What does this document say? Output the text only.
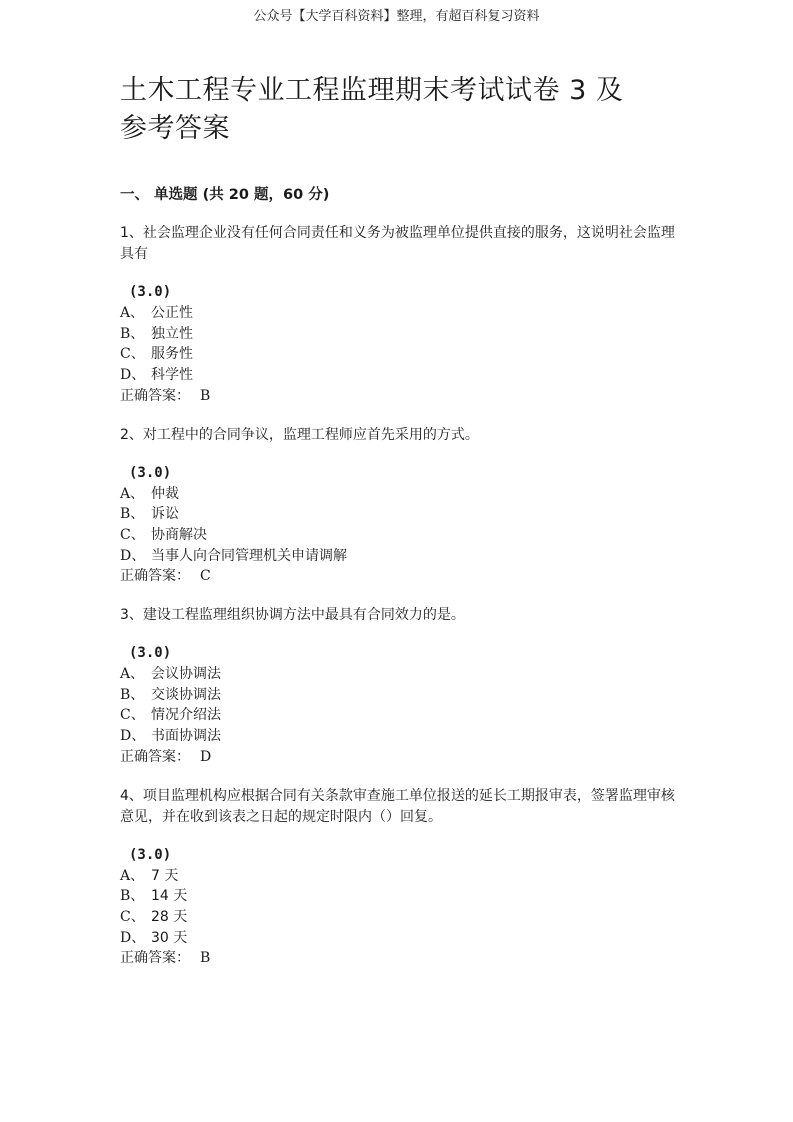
公众号【大学百科资料】整理，有超百科复习资料
土木工程专业工程监理期末考试试卷 3 及
参考答案
一、 单选题 (共 20 题，60 分)
1、社会监理企业没有任何合同责任和义务为被监理单位提供直接的服务，这说明社会监理具有
(3.0)
A、 公正性
B、 独立性
C、 服务性
D、 科学性
正确答案： B
2、对工程中的合同争议，监理工程师应首先采用的方式。
(3.0)
A、 仲裁
B、 诉讼
C、 协商解决
D、 当事人向合同管理机关申请调解
正确答案： C
3、建设工程监理组织协调方法中最具有合同效力的是。
(3.0)
A、 会议协调法
B、 交谈协调法
C、 情况介绍法
D、 书面协调法
正确答案： D
4、项目监理机构应根据合同有关条款审查施工单位报送的延长工期报审表，签署监理审核意见，并在收到该表之日起的规定时限内（）回复。
(3.0)
A、 7 天
B、 14 天
C、 28 天
D、 30 天
正确答案： B
